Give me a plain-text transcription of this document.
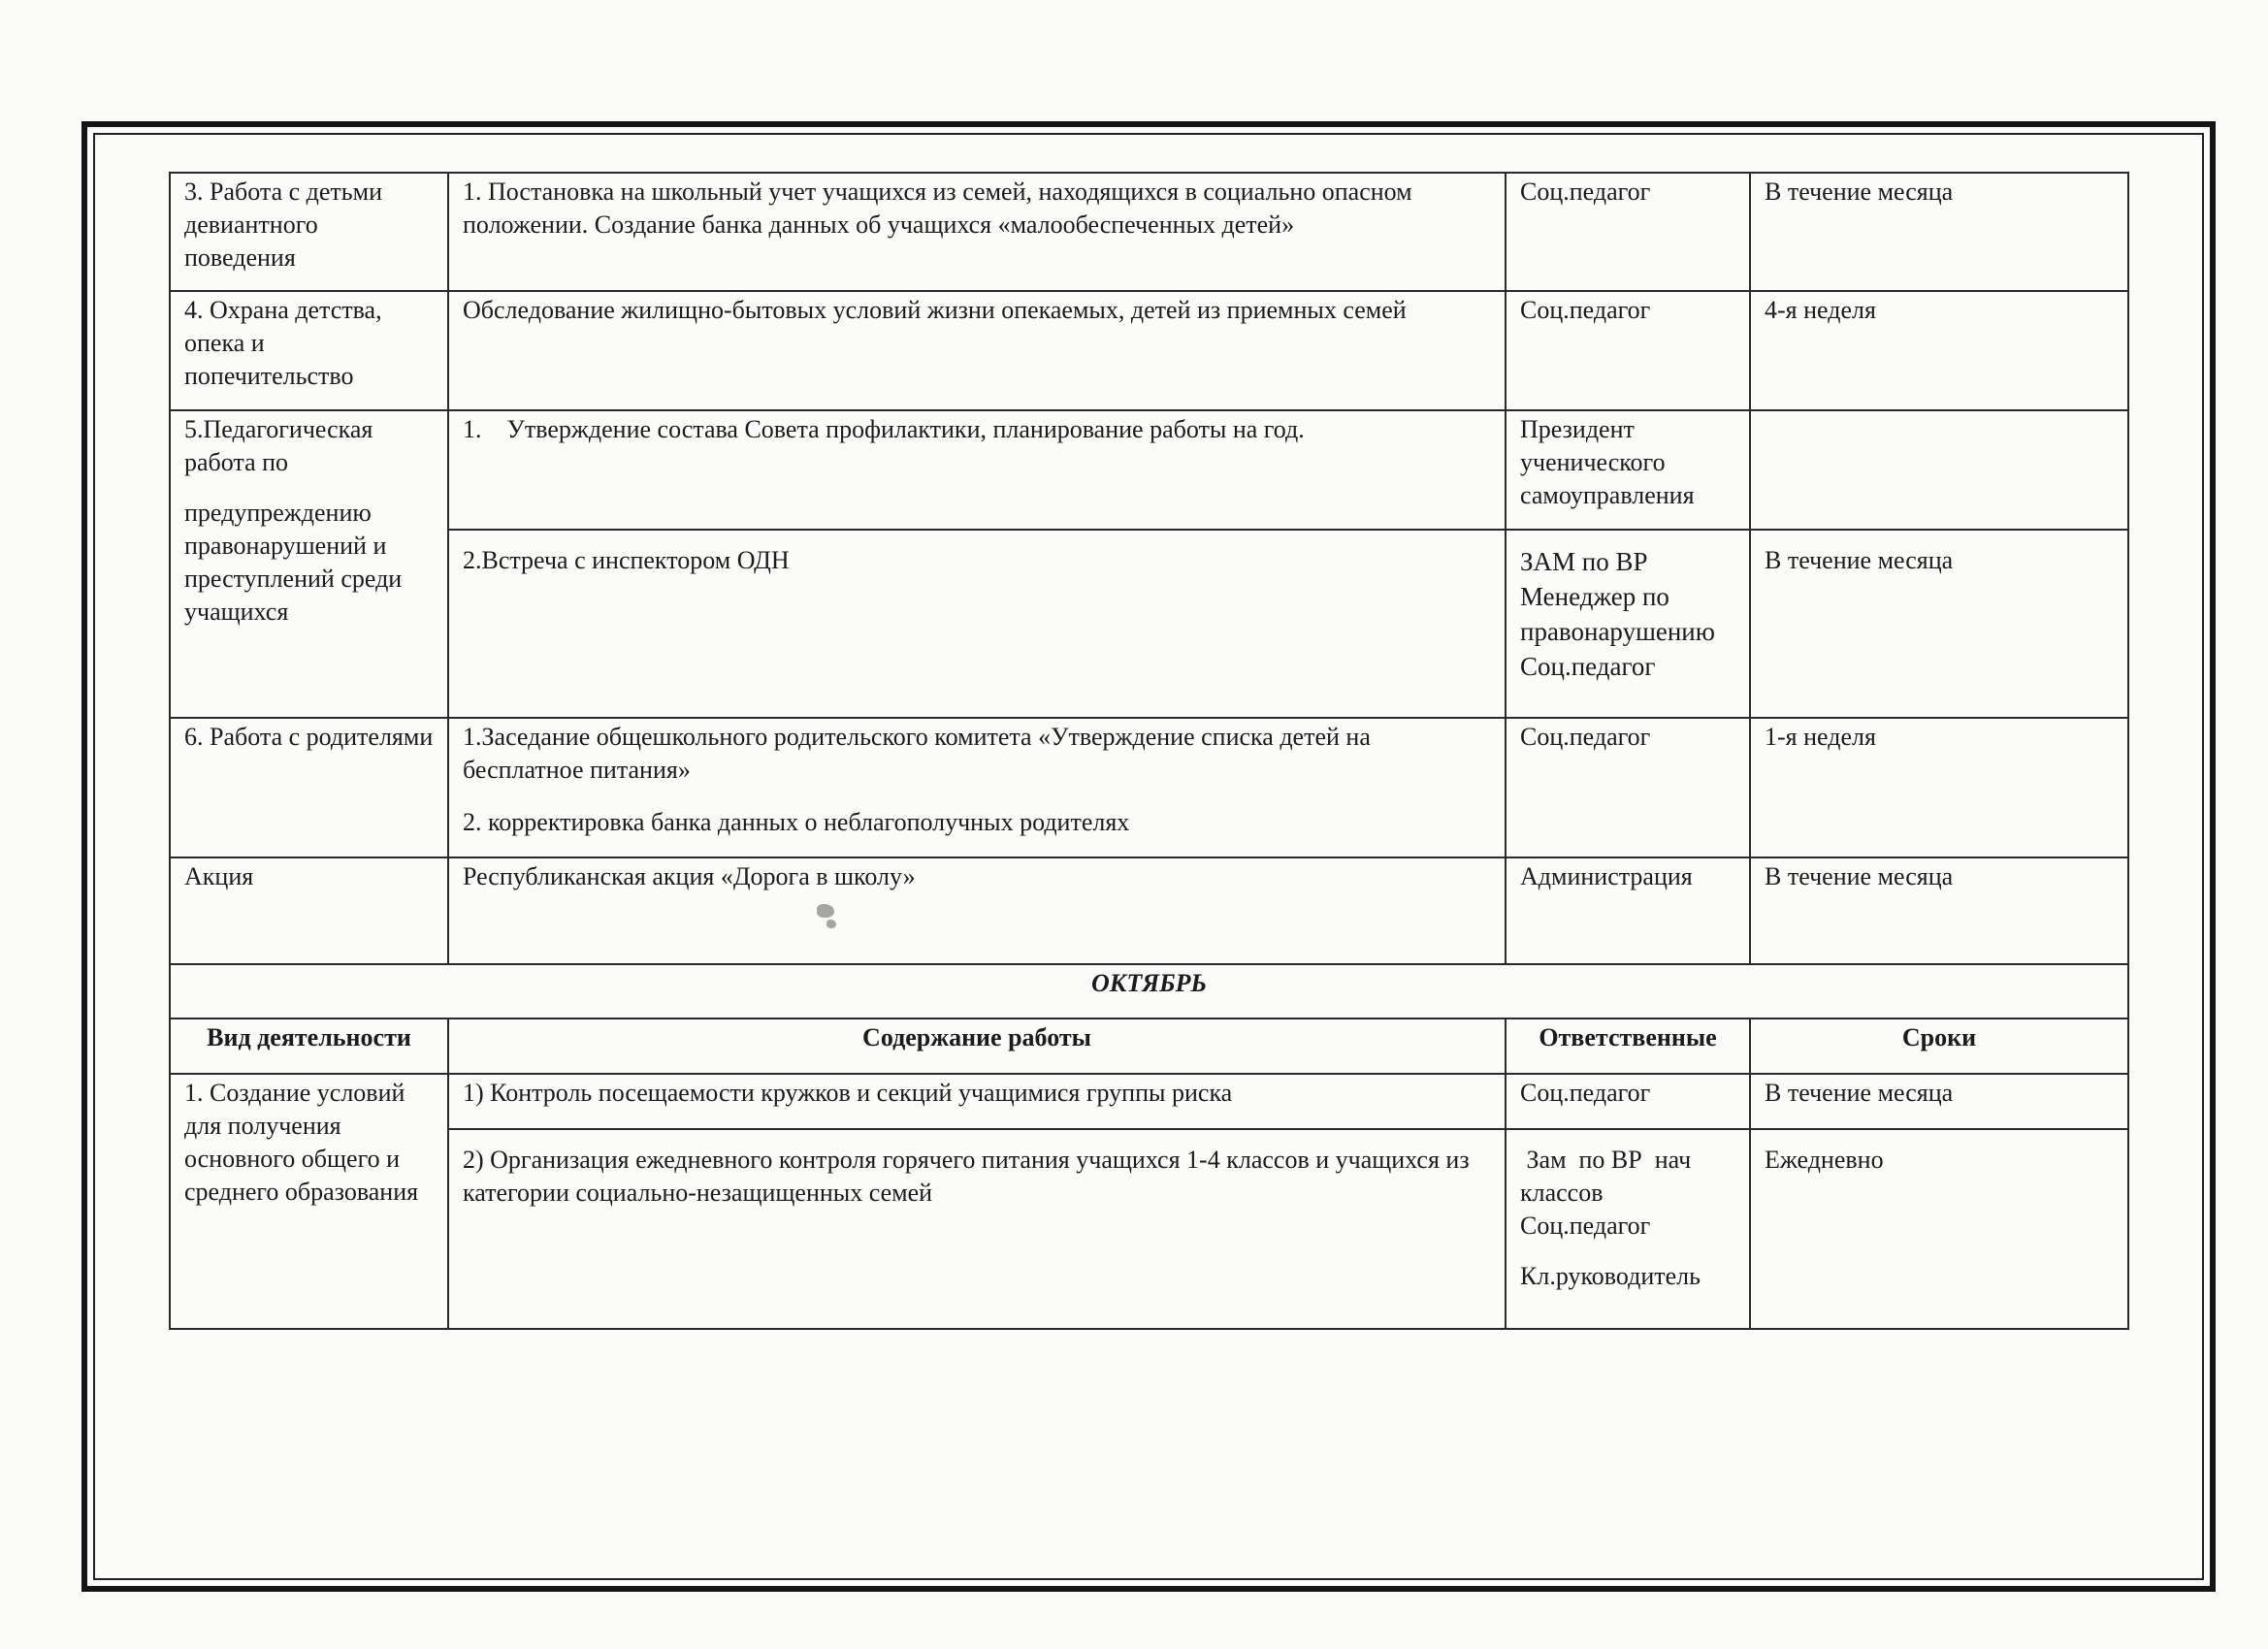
3. Работа с детьми девиантного поведения	1. Постановка на школьный учет учащихся из семей, находящихся в социально опасном положении. Создание банка данных об учащихся «малообеспеченных детей»	Соц.педагог	В течение месяца
4. Охрана детства, опека и попечительство	Обследование жилищно-бытовых условий жизни опекаемых, детей из приемных семей	Соц.педагог	4-я неделя

5.Педагогическая работа по

предупреждению правонарушений и преступлений среди учащихся	1. Утверждение состава Совета профилактики, планирование работы на год.	Президент ученического самоуправления	
	2.Встреча с инспектором ОДН	ЗАМ по ВР

Менеджер по правонарушению

Соц.педагог	В течение месяца
6. Работа с родителями	1.Заседание общешкольного родительского комитета «Утверждение списка детей на бесплатное питания»

2. корректировка банка данных о неблагополучных родителях	Соц.педагог	1-я неделя
Акция	Республиканская акция «Дорога в школу»	Администрация	В течение месяца
ОКТЯБРЬ			
Вид деятельности	Содержание работы	Ответственные	Сроки
1. Создание условий для получения основного общего и среднего образования	1) Контроль посещаемости кружков и секций учащимися группы риска	Соц.педагог	В течение месяца
	2) Организация ежедневного контроля горячего питания учащихся 1-4 классов и учащихся из категории социально-незащищенных семей	Зам  по ВР  нач классов

Соц.педагог

Кл.руководитель	Ежедневно
